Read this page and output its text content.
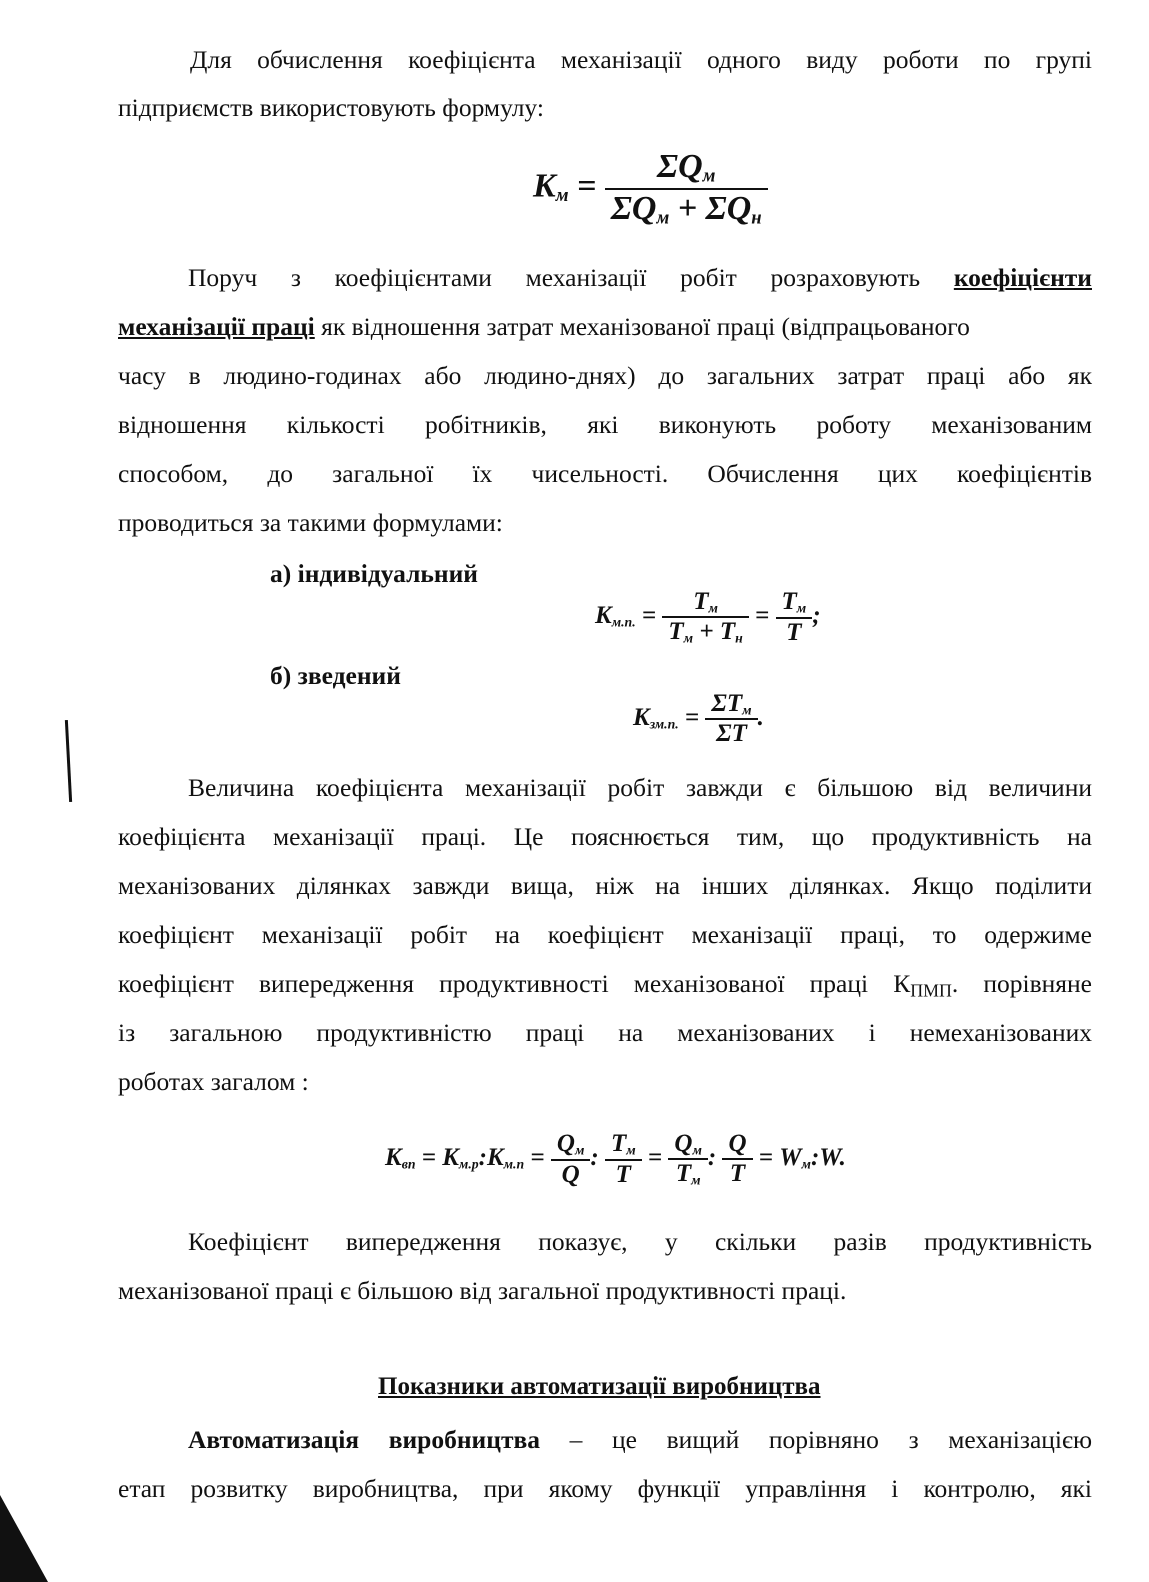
Для обчислення коефіцієнта механізації одного виду роботи по групі
підприємств використовують формулу:
$K_м = \frac{\Sigma Q_м}{\Sigma Q_м + \Sigma Q_н}$
Поруч з коефіцієнтами механізації робіт розраховують коефіцієнти
механізації праці як відношення затрат механізованої праці (відпрацьованого
часу в людино-годинах або людино-днях) до загальних затрат праці або як
відношення кількості робітників, які виконують роботу механізованим
способом, до загальної їх чисельності. Обчислення цих коефіцієнтів
проводиться за такими формулами:
а) індивідуальний
б) зведений
$K_{м.п.} = \frac{T_м}{T_м + T_н} = \frac{T_м}{T}$ ;
$K_{зм.п.} = \frac{\Sigma T_м}{\Sigma T}$ .
Величина коефіцієнта механізації робіт завжди є більшою від величини
коефіцієнта механізації праці. Це пояснюється тим, що продуктивність на
механізованих ділянках завжди вища, ніж на інших ділянках. Якщо поділити
коефіцієнт механізації робіт на коефіцієнт механізації праці, то одержиме
коефіцієнт випередження продуктивності механізованої праці $К_{ПМП}$. порівняне
із загальною продуктивністю праці на механізованих і немеханізованих
роботах загалом :
$K_{вп}$ = $K_{м.р}:K_{м.п} = \frac{Q_м}{Q}$ : $\frac{T_м}{T} = \frac{Q_м}{T_м}$ : $\frac{Q}{T}$ = $W_м:W$.
Коефіцієнт випередження показує, у скільки разів продуктивність
механізованої праці є більшою від загальної продуктивності праці.
Показники автоматизації виробництва
Автоматизація виробництва – це вищий порівняно з механізацією
етап розвитку виробництва, при якому функції управління і контролю, які
